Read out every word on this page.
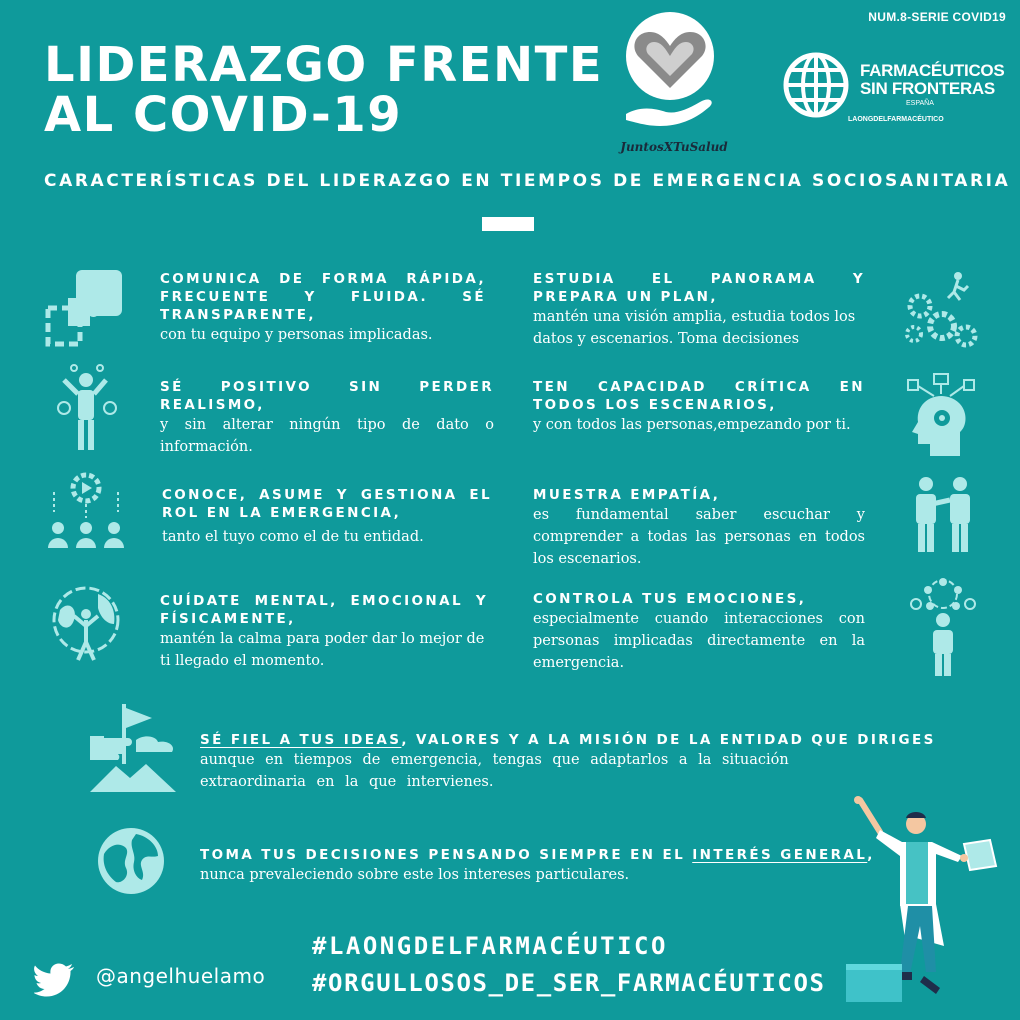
NUM.8-SERIE COVID19
LIDERAZGO FRENTE
AL COVID-19
JuntosXTuSalud
FARMACÉUTICOS
SIN FRONTERAS
ESPAÑA
LAONGDELFARMACÉUTICO
CARACTERÍSTICAS DEL LIDERAZGO EN TIEMPOS DE EMERGENCIA SOCIOSANITARIA
COMUNICA DE FORMA RÁPIDA, FRECUENTE Y FLUIDA. SÉ TRANSPARENTE,
con tu equipo y personas implicadas.
ESTUDIA EL PANORAMA Y PREPARA UN PLAN,
mantén una visión amplia, estudia todos los datos y escenarios. Toma decisiones
SÉ POSITIVO SIN PERDER REALISMO,
y sin alterar ningún tipo de dato o información.
TEN CAPACIDAD CRÍTICA EN TODOS LOS ESCENARIOS,
y con todos las personas,empezando por ti.
CONOCE, ASUME Y GESTIONA EL ROL EN LA EMERGENCIA,
tanto el tuyo como el de tu entidad.
MUESTRA EMPATÍA,
es fundamental saber escuchar y comprender a todas las personas en todos los escenarios.
CUÍDATE MENTAL, EMOCIONAL Y FÍSICAMENTE,
mantén la calma para poder dar lo mejor de ti llegado el momento.
CONTROLA TUS EMOCIONES,
especialmente cuando interacciones con personas implicadas directamente en la emergencia.
SÉ FIEL A TUS IDEAS, VALORES Y A LA MISIÓN DE LA ENTIDAD QUE DIRIGES
aunque en tiempos de emergencia, tengas que adaptarlos a la situación extraordinaria en la que intervienes.
TOMA TUS DECISIONES PENSANDO SIEMPRE EN EL INTERÉS GENERAL,
nunca prevaleciendo sobre este los intereses particulares.
@angelhuelamo
#LAONGDELFARMACÉUTICO
#ORGULLOSOS_DE_SER_FARMACÉUTICOS
